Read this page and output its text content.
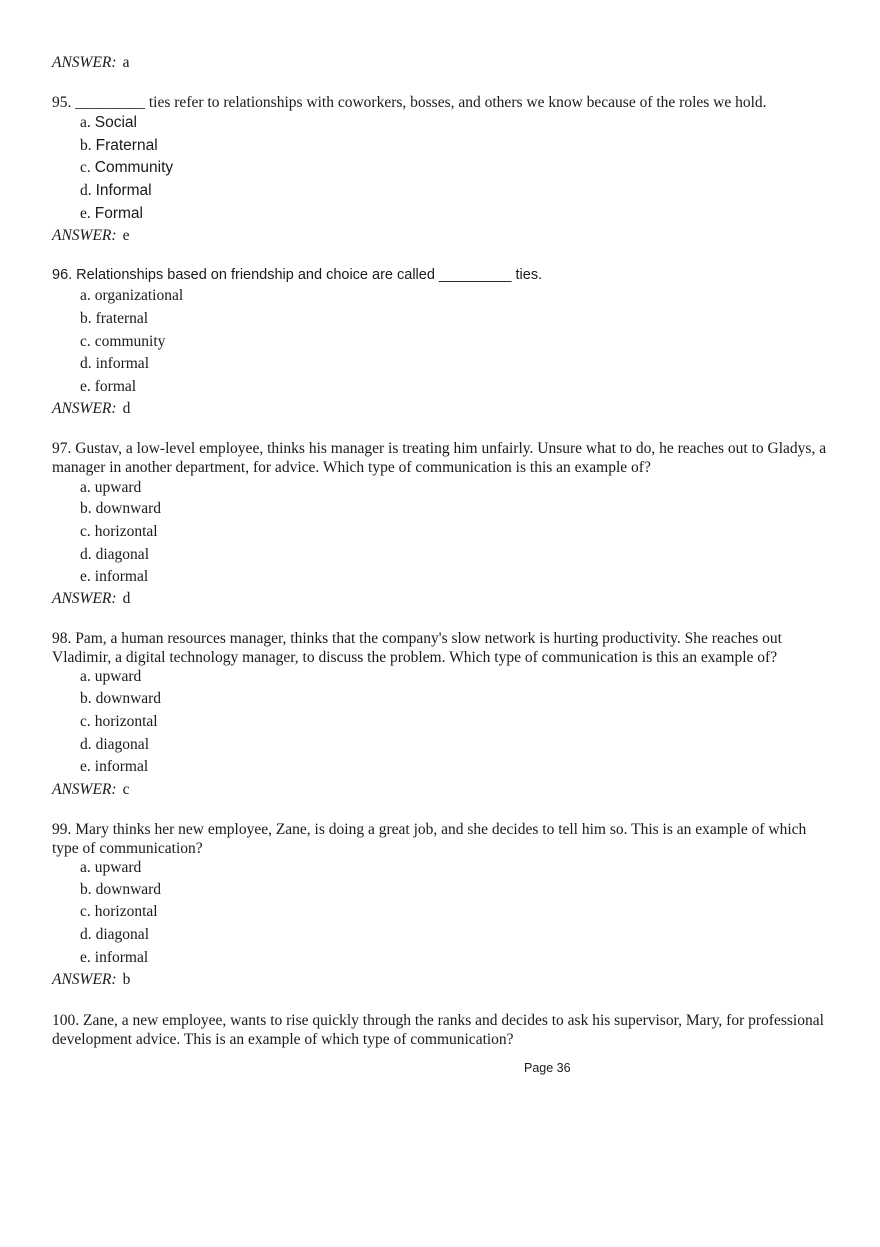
ANSWER: a
95. _________ ties refer to relationships with coworkers, bosses, and others we know because of the roles we hold.
a. Social
b. Fraternal
c. Community
d. Informal
e. Formal
ANSWER: e
96. Relationships based on friendship and choice are called _________ ties.
a. organizational
b. fraternal
c. community
d. informal
e. formal
ANSWER: d
97. Gustav, a low-level employee, thinks his manager is treating him unfairly. Unsure what to do, he reaches out to Gladys, a manager in another department, for advice. Which type of communication is this an example of?
a. upward
b. downward
c. horizontal
d. diagonal
e. informal
ANSWER: d
98. Pam, a human resources manager, thinks that the company's slow network is hurting productivity. She reaches out Vladimir, a digital technology manager, to discuss the problem. Which type of communication is this an example of?
a. upward
b. downward
c. horizontal
d. diagonal
e. informal
ANSWER: c
99. Mary thinks her new employee, Zane, is doing a great job, and she decides to tell him so. This is an example of which type of communication?
a. upward
b. downward
c. horizontal
d. diagonal
e. informal
ANSWER: b
100. Zane, a new employee, wants to rise quickly through the ranks and decides to ask his supervisor, Mary, for professional development advice. This is an example of which type of communication?
Page 36
